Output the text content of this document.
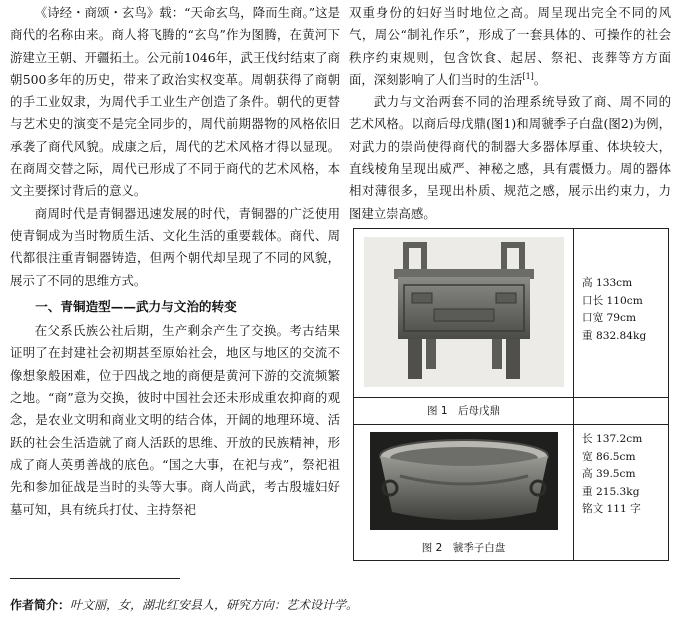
《诗经・商颂・玄鸟》载：“天命玄鸟，降而生商。”这是商代的名称由来。商人将飞腾的“玄鸟”作为图腾，在黄河下游建立王朝、开疆拓土。公元前1046年，武王伐纣结束了商朝500多年的历史，带来了政治实权变革。周朝获得了商朝的手工业奴隶，为周代手工业生产创造了条件。朝代的更替与艺术史的演变不是完全同步的，周代前期器物的风格依旧承袭了商代风貌。成康之后，周代的艺术风格才得以显现。在商周交替之际，周代已形成了不同于商代的艺术风格，本文主要探讨背后的意义。

商周时代是青铜器迅速发展的时代，青铜器的广泛使用使青铜成为当时物质生活、文化生活的重要载体。商代、周代都很注重青铜器铸造，但两个朝代却呈现了不同的风貌，展示了不同的思维方式。

一、青铜造型——武力与文治的转变

在父系氏族公社后期，生产剩余产生了交换。考古结果证明了在封建社会初期甚至原始社会，地区与地区的交流不像想象般困难，位于四战之地的商便是黄河下游的交流频繁之地。“商”意为交换，彼时中国社会还未形成重农抑商的观念，是农业文明和商业文明的结合体，开阔的地理环境、活跃的社会生活造就了商人活跃的思维、开放的民族精神，形成了商人英勇善战的底色。“国之大事，在祀与戎”，祭祀祖先和参加征战是当时的头等大事。商人尚武，考古殷墟妇好墓可知，具有统兵打仗、主持祭祀

双重身份的妇好当时地位之高。周呈现出完全不同的风气，周公“制礼作乐”，形成了一套具体的、可操作的社会秩序约束规则，包含饮食、起居、祭祀、丧葬等方方面面，深刻影响了人们当时的生活[1]。

武力与文治两套不同的治理系统导致了商、周不同的艺术风格。以商后母戊鼎(图1)和周虢季子白盘(图2)为例，对武力的崇尚使得商代的制器大多器体厚重、体块较大，直线棱角呈现出威严、神秘之感，具有震慑力。周的器体相对薄很多，呈现出朴质、规范之感，展示出约束力，力图建立崇高感。

高 133cm
口长 110cm
口宽 79cm
重 832.84kg
图 1　后母戊鼎
长 137.2cm
宽 86.5cm
高 39.5cm
重 215.3kg
铭文 111 字
图 2　虢季子白盘
作者简介：叶文丽，女，湖北红安县人，研究方向：艺术设计学。
